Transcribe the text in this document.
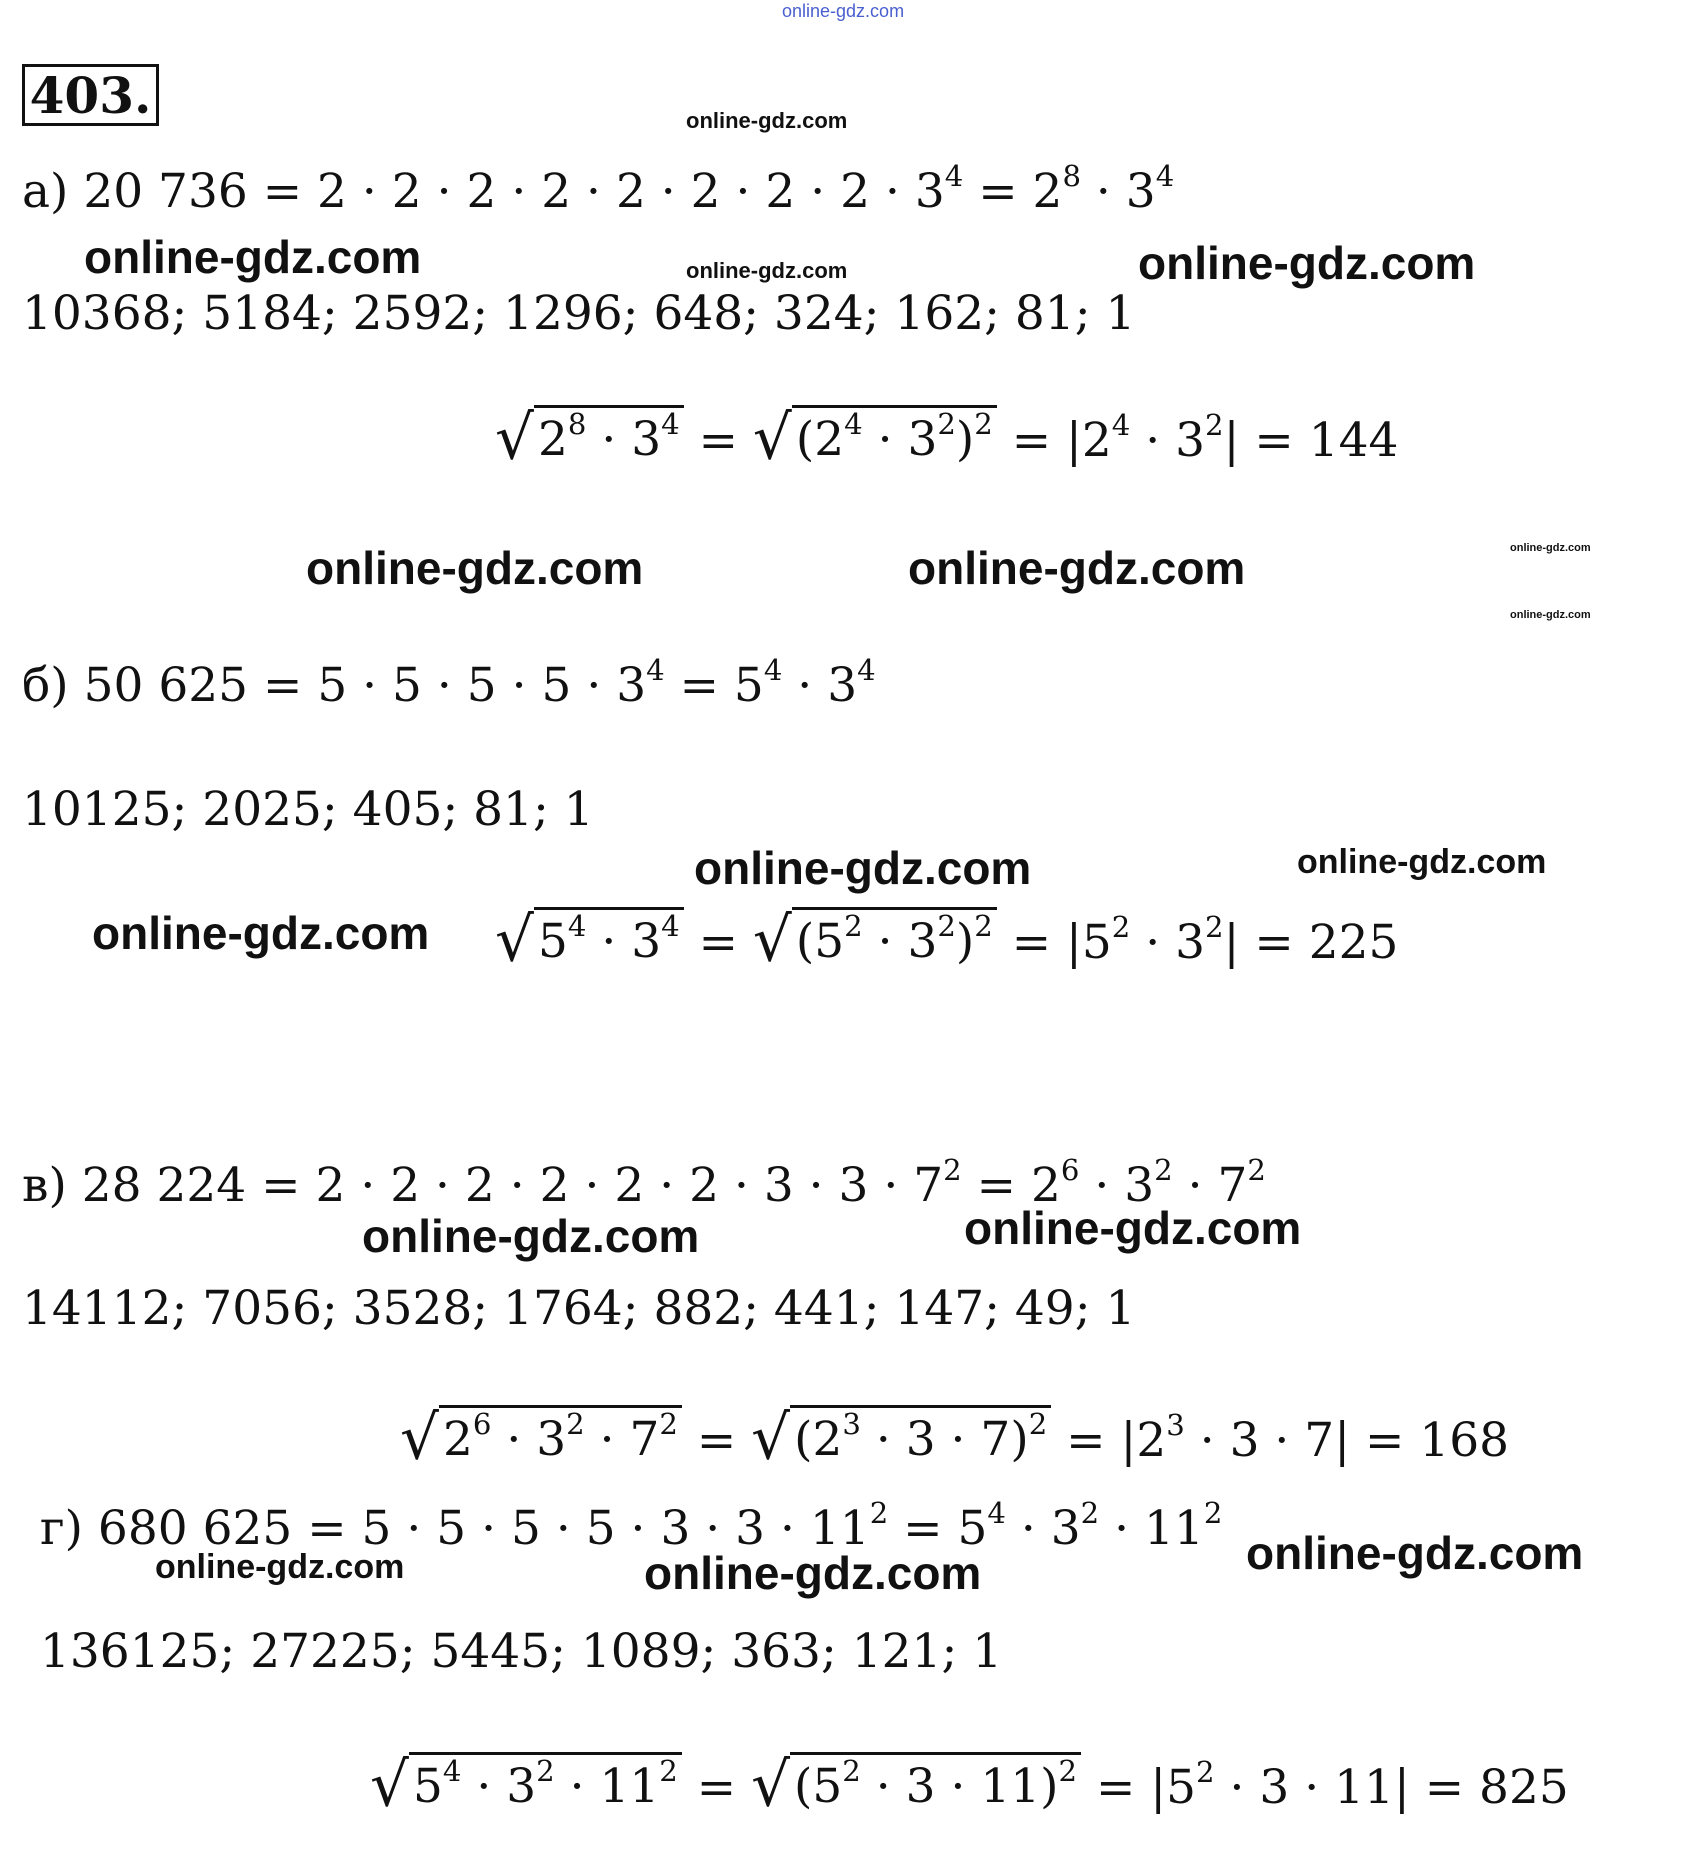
online-gdz.com
403.
а) 20 $736 = 2 \cdot 2 \cdot 2 \cdot 2 \cdot 2 \cdot 2 \cdot 2 \cdot 2 \cdot 3^4 = 2^8 \cdot 3^4$
10368; 5184; 2592; 1296; 648; 324; 162; 81; 1
√ $2^8 \cdot 3^4$ = √ $(2^4 \cdot 3^2)^2 = |2^4 \cdot 3^2| = 144$
б) 50 $625 = 5 \cdot 5 \cdot 5 \cdot 5 \cdot 3^4 = 5^4 \cdot 3^4$
10125; 2025; 405; 81; 1
√ $5^4 \cdot 3^4$ = √ $(5^2 \cdot 3^2)^2 = |5^2 \cdot 3^2| = 225$
в) 28 $224 = 2 \cdot 2 \cdot 2 \cdot 2 \cdot 2 \cdot 2 \cdot 3 \cdot 3 \cdot 7^2 = 2^6 \cdot 3^2 \cdot 7^2$
14112; 7056; 3528; 1764; 882; 441; 147; 49; 1
√ $2^6 \cdot 3^2 \cdot 7^2$ = √ $(2^3 \cdot 3 \cdot 7)^2 = |2^3 \cdot 3 \cdot 7| = 168$
г) 680 $625 = 5 \cdot 5 \cdot 5 \cdot 5 \cdot 3 \cdot 3 \cdot 11^2 = 5^4 \cdot 3^2 \cdot 11^2$
136125; 27225; 5445; 1089; 363; 121; 1
√ $5^4 \cdot 3^2 \cdot 11^2$ = √ $(5^2 \cdot 3 \cdot 11)^2 = |5^2 \cdot 3 \cdot 11| = 825$
online-gdz.com
online-gdz.com	online-gdz.com	online-gdz.com
online-gdz.com	online-gdz.com	online-gdz.com
online-gdz.com
online-gdz.com	online-gdz.com
online-gdz.com
online-gdz.com	online-gdz.com
online-gdz.com	online-gdz.com	online-gdz.com
